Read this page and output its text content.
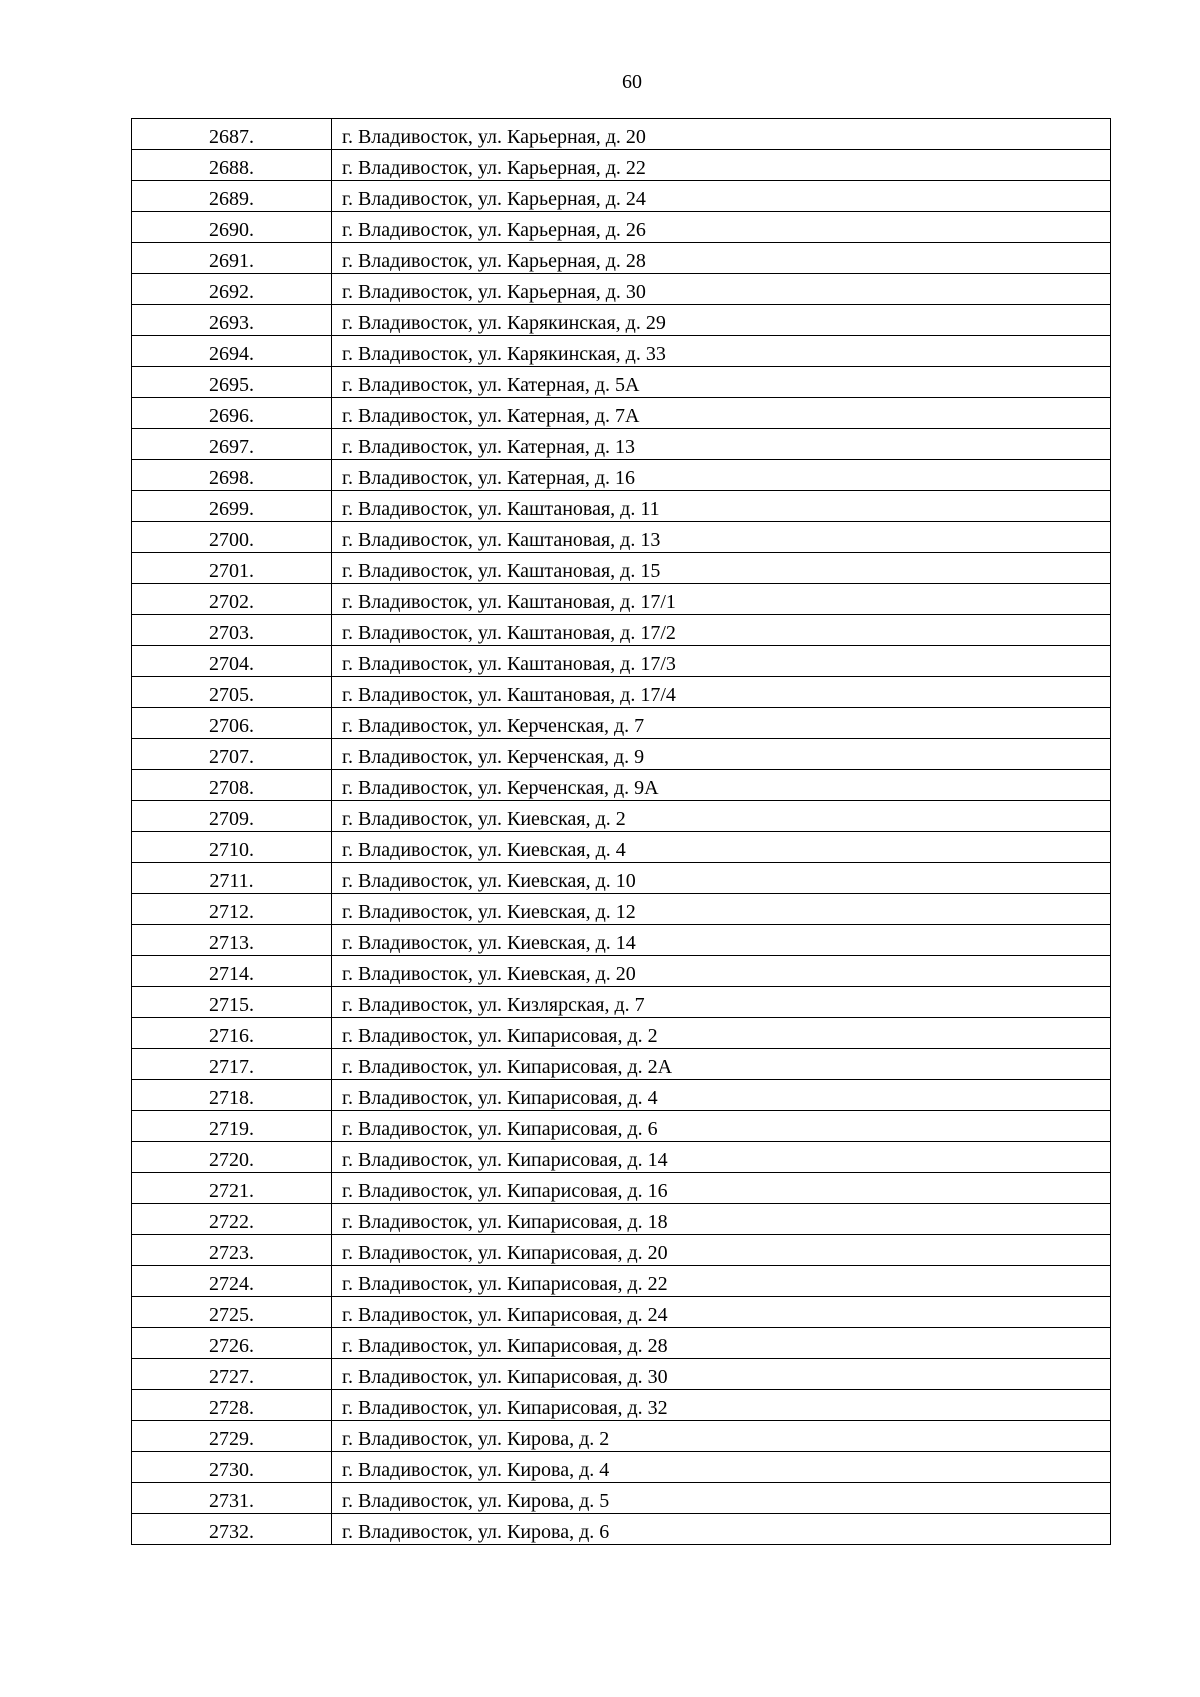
60
2687.	г. Владивосток, ул. Карьерная, д. 20
2688.	г. Владивосток, ул. Карьерная, д. 22
2689.	г. Владивосток, ул. Карьерная, д. 24
2690.	г. Владивосток, ул. Карьерная, д. 26
2691.	г. Владивосток, ул. Карьерная, д. 28
2692.	г. Владивосток, ул. Карьерная, д. 30
2693.	г. Владивосток, ул. Карякинская, д. 29
2694.	г. Владивосток, ул. Карякинская, д. 33
2695.	г. Владивосток, ул. Катерная, д. 5А
2696.	г. Владивосток, ул. Катерная, д. 7А
2697.	г. Владивосток, ул. Катерная, д. 13
2698.	г. Владивосток, ул. Катерная, д. 16
2699.	г. Владивосток, ул. Каштановая, д. 11
2700.	г. Владивосток, ул. Каштановая, д. 13
2701.	г. Владивосток, ул. Каштановая, д. 15
2702.	г. Владивосток, ул. Каштановая, д. 17/1
2703.	г. Владивосток, ул. Каштановая, д. 17/2
2704.	г. Владивосток, ул. Каштановая, д. 17/3
2705.	г. Владивосток, ул. Каштановая, д. 17/4
2706.	г. Владивосток, ул. Керченская, д. 7
2707.	г. Владивосток, ул. Керченская, д. 9
2708.	г. Владивосток, ул. Керченская, д. 9А
2709.	г. Владивосток, ул. Киевская, д. 2
2710.	г. Владивосток, ул. Киевская, д. 4
2711.	г. Владивосток, ул. Киевская, д. 10
2712.	г. Владивосток, ул. Киевская, д. 12
2713.	г. Владивосток, ул. Киевская, д. 14
2714.	г. Владивосток, ул. Киевская, д. 20
2715.	г. Владивосток, ул. Кизлярская, д. 7
2716.	г. Владивосток, ул. Кипарисовая, д. 2
2717.	г. Владивосток, ул. Кипарисовая, д. 2А
2718.	г. Владивосток, ул. Кипарисовая, д. 4
2719.	г. Владивосток, ул. Кипарисовая, д. 6
2720.	г. Владивосток, ул. Кипарисовая, д. 14
2721.	г. Владивосток, ул. Кипарисовая, д. 16
2722.	г. Владивосток, ул. Кипарисовая, д. 18
2723.	г. Владивосток, ул. Кипарисовая, д. 20
2724.	г. Владивосток, ул. Кипарисовая, д. 22
2725.	г. Владивосток, ул. Кипарисовая, д. 24
2726.	г. Владивосток, ул. Кипарисовая, д. 28
2727.	г. Владивосток, ул. Кипарисовая, д. 30
2728.	г. Владивосток, ул. Кипарисовая, д. 32
2729.	г. Владивосток, ул. Кирова, д. 2
2730.	г. Владивосток, ул. Кирова, д. 4
2731.	г. Владивосток, ул. Кирова, д. 5
2732.	г. Владивосток, ул. Кирова, д. 6
